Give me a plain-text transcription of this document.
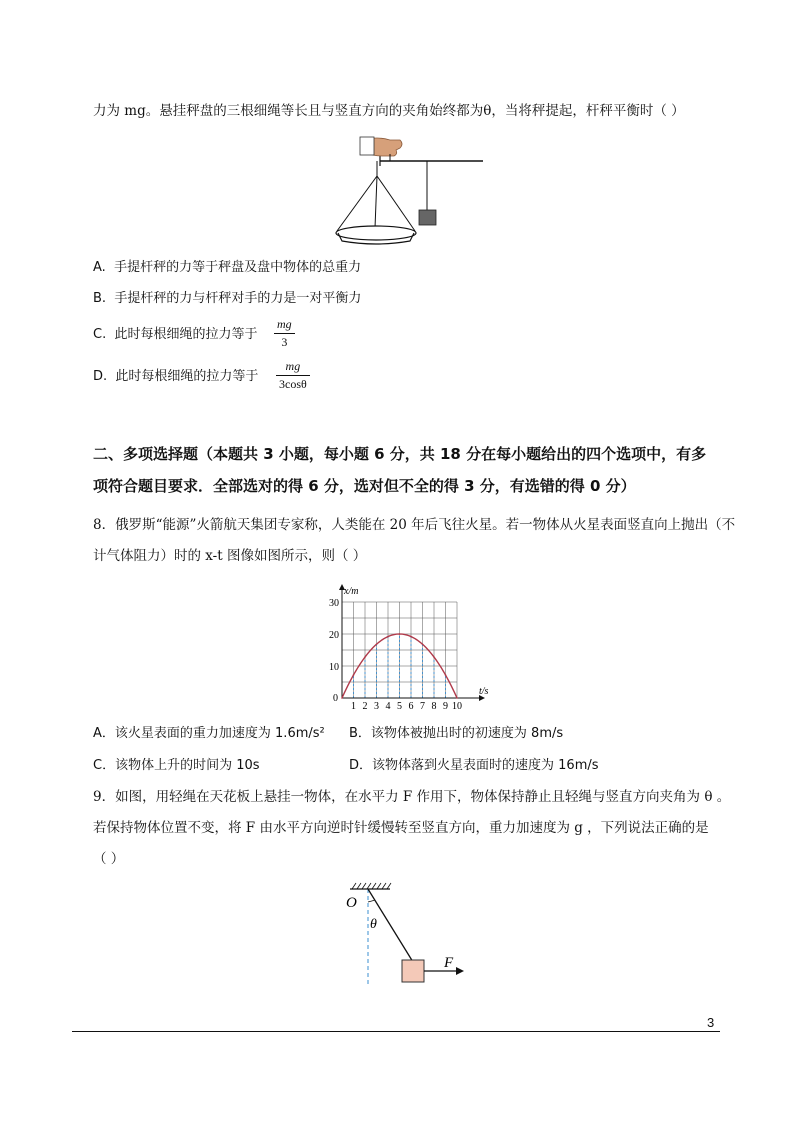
力为 mg。悬挂秤盘的三根细绳等长且与竖直方向的夹角始终都为θ，当将秤提起，杆秤平衡时（ ）
A. 手提杆秤的力等于秤盘及盘中物体的总重力
B. 手提杆秤的力与杆秤对手的力是一对平衡力
C. 此时每根细绳的拉力等于
mg
3
D. 此时每根细绳的拉力等于
mg
3cosθ
二、多项选择题（本题共 3 小题，每小题 6 分，共 18 分在每小题给出的四个选项中，有多
项符合题目要求．全部选对的得 6 分，选对但不全的得 3 分，有选错的得 0 分）
8．俄罗斯“能源”火箭航天集团专家称，人类能在 20 年后飞往火星。若一物体从火星表面竖直向上抛出（不
计气体阻力）时的 x-t 图像如图所示，则（ ）
1 2 3 4 5 6 7 8 9 10
0
10
20
30
x/m
t/s
A．该火星表面的重力加速度为 1.6m/s² B．该物体被抛出时的初速度为 8m/s
C．该物体上升的时间为 10s	D．该物体落到火星表面时的速度为 16m/s
9．如图，用轻绳在天花板上悬挂一物体，在水平力 F 作用下，物体保持静止且轻绳与竖直方向夹角为 θ 。
若保持物体位置不变，将 F 由水平方向逆时针缓慢转至竖直方向，重力加速度为 g ，下列说法正确的是
（ ）
O
θ
F
3
